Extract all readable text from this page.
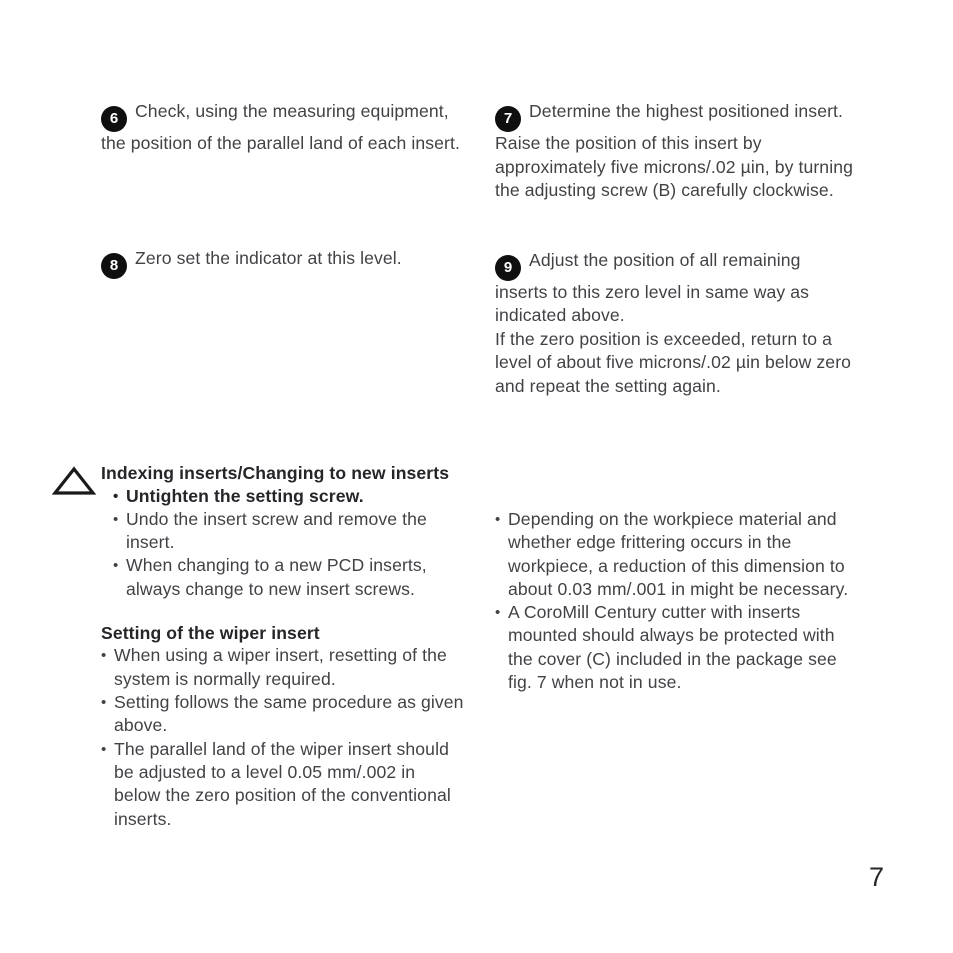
6 Check, using the measuring equipment, the position of the parallel land of each insert.

8 Zero set the indicator at this level.

7 Determine the highest positioned insert. Raise the position of this insert by approximately five microns/.02 µin, by turning the adjusting screw (B) carefully clockwise.

9 Adjust the position of all remaining inserts to this zero level in same way as indicated above.

If the zero position is exceeded, return to a level of about five microns/.02 µin below zero and repeat the setting again.

Indexing inserts/Changing to new inserts
• Untighten the setting screw.
• Undo the insert screw and remove the insert.
• When changing to a new PCD inserts, always change to new insert screws.
Setting of the wiper insert
• When using a wiper insert, resetting of the system is normally required.
• Setting follows the same procedure as given above.
• The parallel land of the wiper insert should be adjusted to a level 0.05 mm/.002 in below the zero position of the conventional inserts.
• Depending on the workpiece material and whether edge frittering occurs in the workpiece, a reduction of this dimension to about 0.03 mm/.001 in might be necessary.
• A CoroMill Century cutter with inserts mounted should always be protected with the cover (C) included in the package see fig. 7 when not in use.
7
